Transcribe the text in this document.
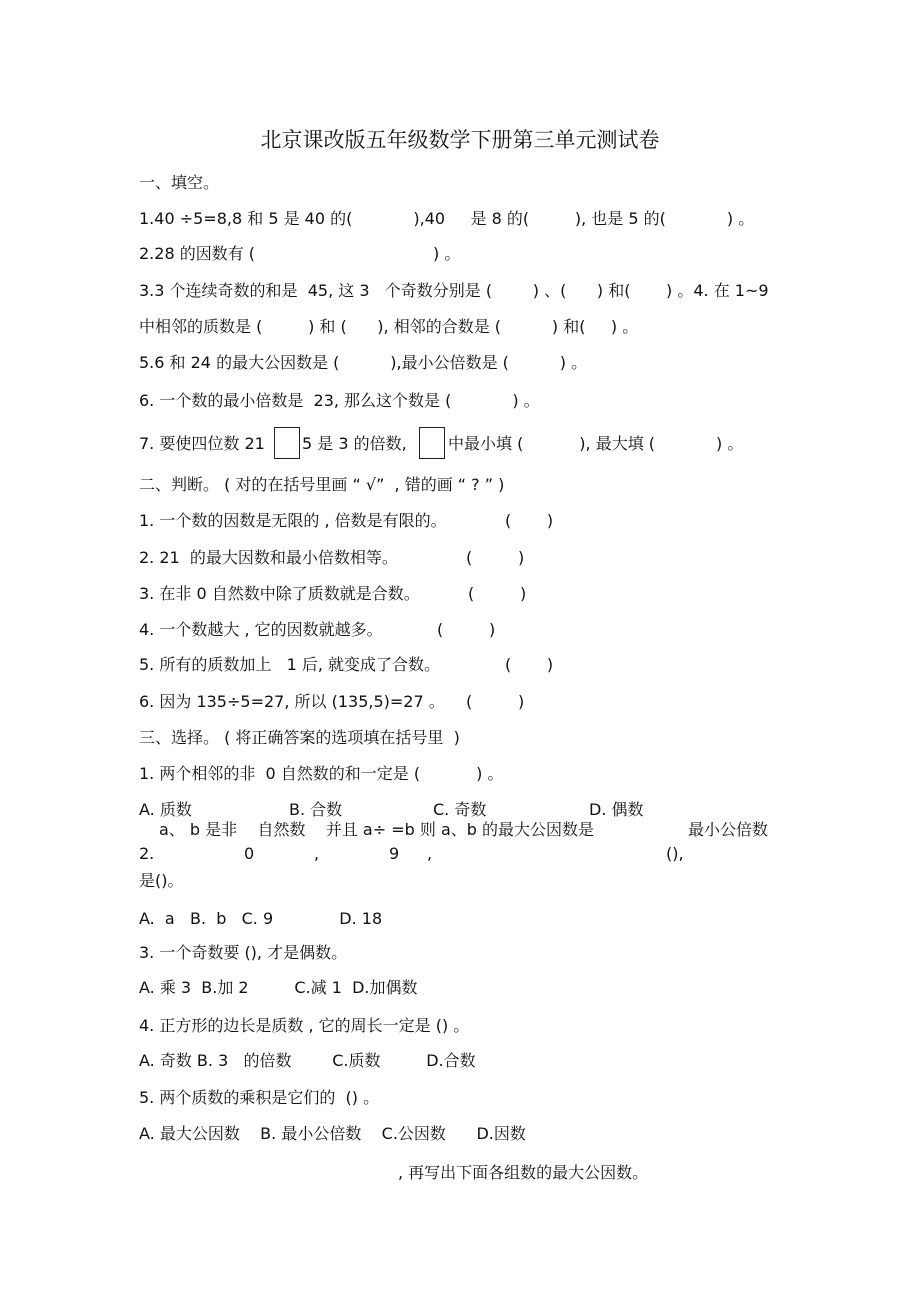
北京课改版五年级数学下册第三单元测试卷
一、填空。
1.40 ÷5=8,8 和 5 是 40 的(            ),40     是 8 的(         ), 也是 5 的(            ) 。
2.28 的因数有 (                                   ) 。
3.3 个连续奇数的和是  45, 这 3   个奇数分别是 (        ) 、(      ) 和(       ) 。4. 在 1~9
中相邻的质数是 (         ) 和 (      ), 相邻的合数是 (          ) 和(     ) 。
5.6 和 24 的最大公因数是 (          ),最小公倍数是 (          ) 。
6. 一个数的最小倍数是  23, 那么这个数是 (            ) 。
7. 要使四位数 21 5 是 3 的倍数,	中最小填 (           ), 最大填 (            ) 。
二、判断。 ( 对的在括号里画 “ √”  , 错的画 “ ? ” )
1. 一个数的因数是无限的 , 倍数是有限的。	(       )
2. 21  的最大因数和最小倍数相等。	(         )
3. 在非 0 自然数中除了质数就是合数。	(         )
4. 一个数越大 , 它的因数就越多。	(         )
5. 所有的质数加上   1 后, 就变成了合数。	(       )
6. 因为 135÷5=27, 所以 (135,5)=27 。 (         )
三、选择。 ( 将正确答案的选项填在括号里  )
1. 两个相邻的非  0 自然数的和一定是 (           ) 。
A. 质数	B. 合数	C. 奇数	D. 偶数
a、 b 是非    自然数    并且 a÷ =b 则 a、b 的最大公因数是	最小公倍数
2.	0	,	9 ,	(),
是()。
A.  a   B.  b   C. 9             D. 18
3. 一个奇数要 (), 才是偶数。
A. 乘 3  B.加 2         C.减 1  D.加偶数
4. 正方形的边长是质数 , 它的周长一定是 () 。
A. 奇数 B. 3   的倍数        C.质数         D.合数
5. 两个质数的乘积是它们的  () 。
A. 最大公因数    B. 最小公倍数    C.公因数      D.因数
, 再写出下面各组数的最大公因数。
